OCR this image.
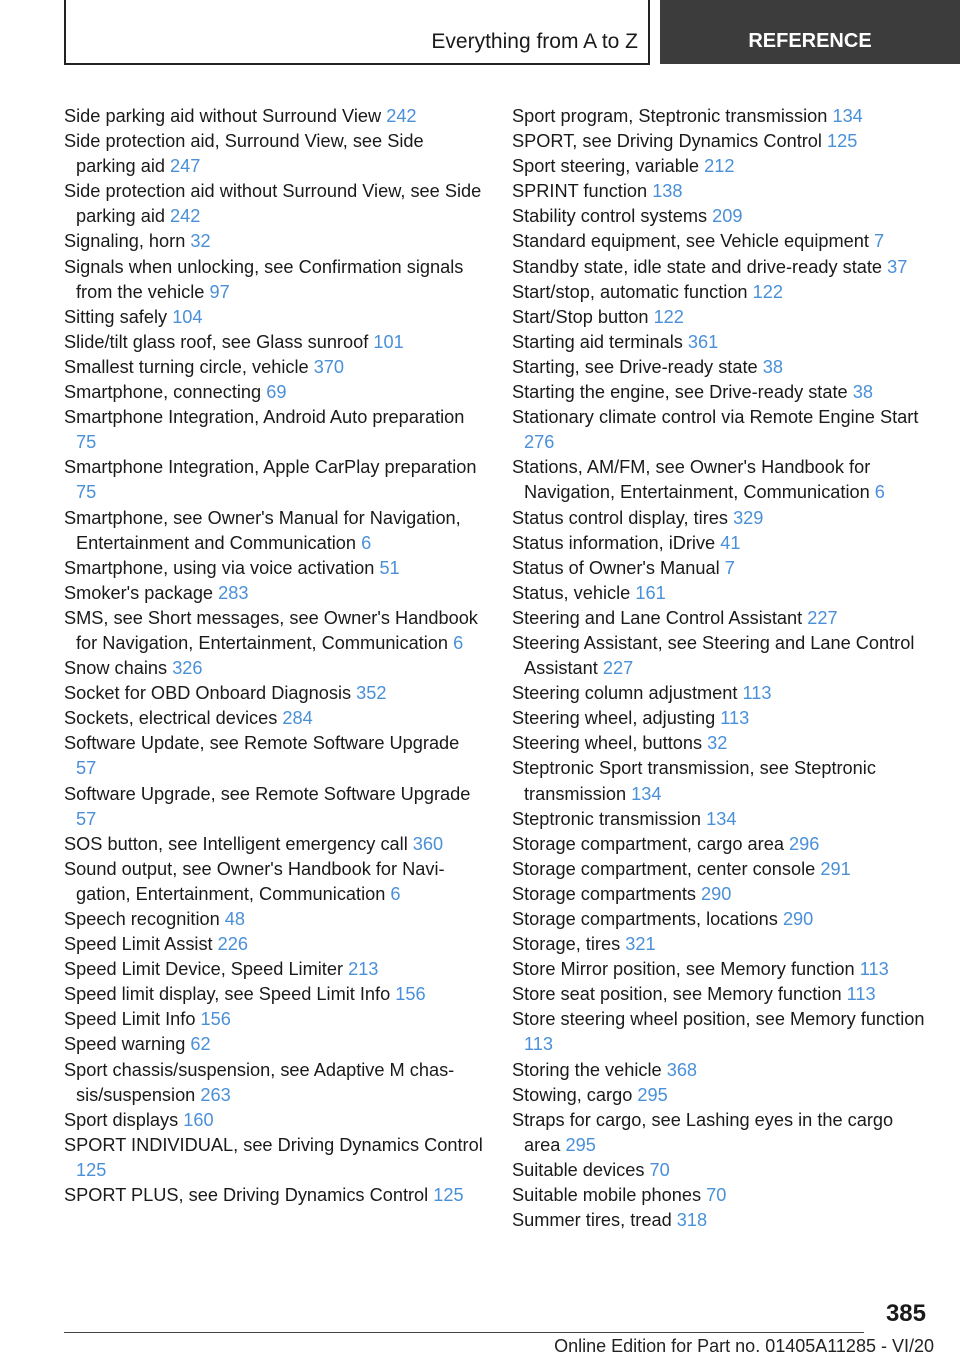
Everything from A to Z	REFERENCE
Side parking aid without Surround View 242
Side protection aid, Surround View, see Side parking aid 247
Side protection aid without Surround View, see Side parking aid 242
Signaling, horn 32
Signals when unlocking, see Confirmation signals from the vehicle 97
Sitting safely 104
Slide/tilt glass roof, see Glass sunroof 101
Smallest turning circle, vehicle 370
Smartphone, connecting 69
Smartphone Integration, Android Auto preparation 75
Smartphone Integration, Apple CarPlay preparation 75
Smartphone, see Owner's Manual for Navigation, Entertainment and Communication 6
Smartphone, using via voice activation 51
Smoker's package 283
SMS, see Short messages, see Owner's Handbook for Navigation, Entertainment, Communication 6
Snow chains 326
Socket for OBD Onboard Diagnosis 352
Sockets, electrical devices 284
Software Update, see Remote Software Upgrade 57
Software Upgrade, see Remote Software Upgrade 57
SOS button, see Intelligent emergency call 360
Sound output, see Owner's Handbook for Navigation, Entertainment, Communication 6
Speech recognition 48
Speed Limit Assist 226
Speed Limit Device, Speed Limiter 213
Speed limit display, see Speed Limit Info 156
Speed Limit Info 156
Speed warning 62
Sport chassis/suspension, see Adaptive M chassis/suspension 263
Sport displays 160
SPORT INDIVIDUAL, see Driving Dynamics Control 125
SPORT PLUS, see Driving Dynamics Control 125
Sport program, Steptronic transmission 134
SPORT, see Driving Dynamics Control 125
Sport steering, variable 212
SPRINT function 138
Stability control systems 209
Standard equipment, see Vehicle equipment 7
Standby state, idle state and drive-ready state 37
Start/stop, automatic function 122
Start/Stop button 122
Starting aid terminals 361
Starting, see Drive-ready state 38
Starting the engine, see Drive-ready state 38
Stationary climate control via Remote Engine Start 276
Stations, AM/FM, see Owner's Handbook for Navigation, Entertainment, Communication 6
Status control display, tires 329
Status information, iDrive 41
Status of Owner's Manual 7
Status, vehicle 161
Steering and Lane Control Assistant 227
Steering Assistant, see Steering and Lane Control Assistant 227
Steering column adjustment 113
Steering wheel, adjusting 113
Steering wheel, buttons 32
Steptronic Sport transmission, see Steptronic transmission 134
Steptronic transmission 134
Storage compartment, cargo area 296
Storage compartment, center console 291
Storage compartments 290
Storage compartments, locations 290
Storage, tires 321
Store Mirror position, see Memory function 113
Store seat position, see Memory function 113
Store steering wheel position, see Memory function 113
Storing the vehicle 368
Stowing, cargo 295
Straps for cargo, see Lashing eyes in the cargo area 295
Suitable devices 70
Suitable mobile phones 70
Summer tires, tread 318
385
Online Edition for Part no. 01405A11285 - VI/20
